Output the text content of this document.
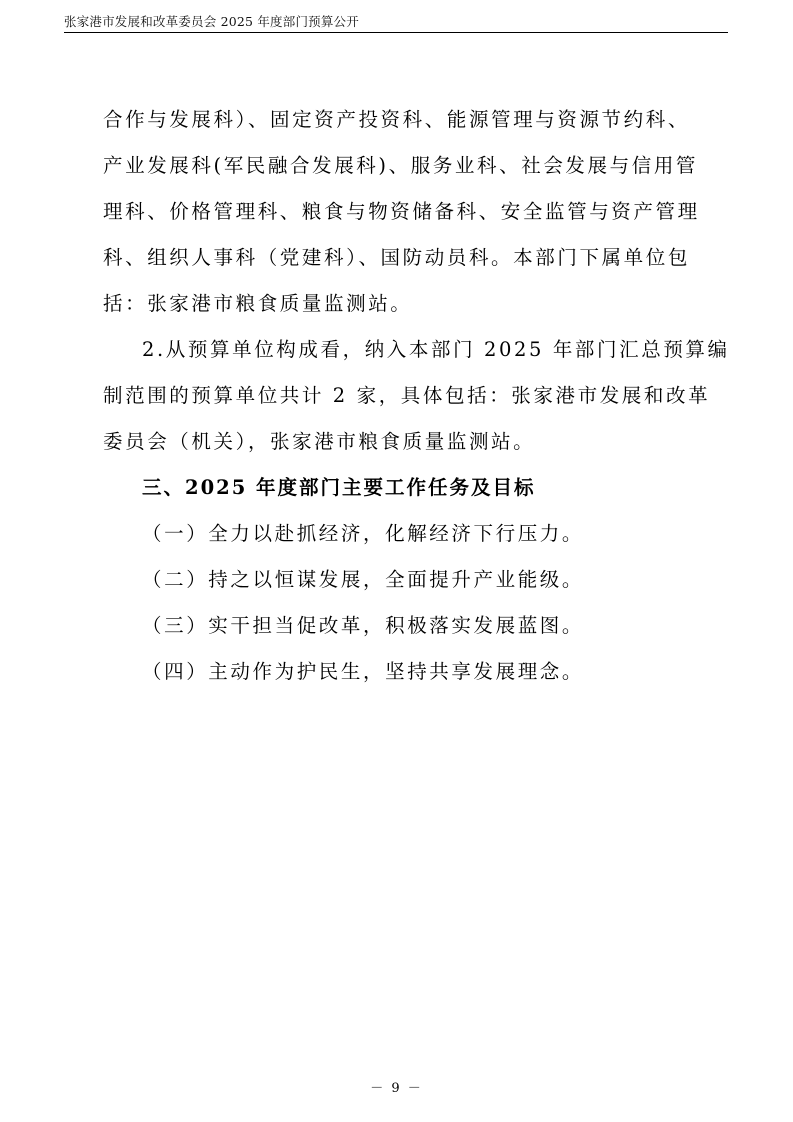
张家港市发展和改革委员会 2025 年度部门预算公开
合作与发展科）、固定资产投资科、能源管理与资源节约科、
产业发展科(军民融合发展科)、服务业科、社会发展与信用管
理科、价格管理科、粮食与物资储备科、安全监管与资产管理
科、组织人事科（党建科）、国防动员科。本部门下属单位包
括：张家港市粮食质量监测站。
2.从预算单位构成看，纳入本部门 2025 年部门汇总预算编
制范围的预算单位共计 2 家，具体包括：张家港市发展和改革
委员会（机关），张家港市粮食质量监测站。
三、2025 年度部门主要工作任务及目标
（一）全力以赴抓经济，化解经济下行压力。
（二）持之以恒谋发展，全面提升产业能级。
（三）实干担当促改革，积极落实发展蓝图。
（四）主动作为护民生，坚持共享发展理念。
－ 9 －
